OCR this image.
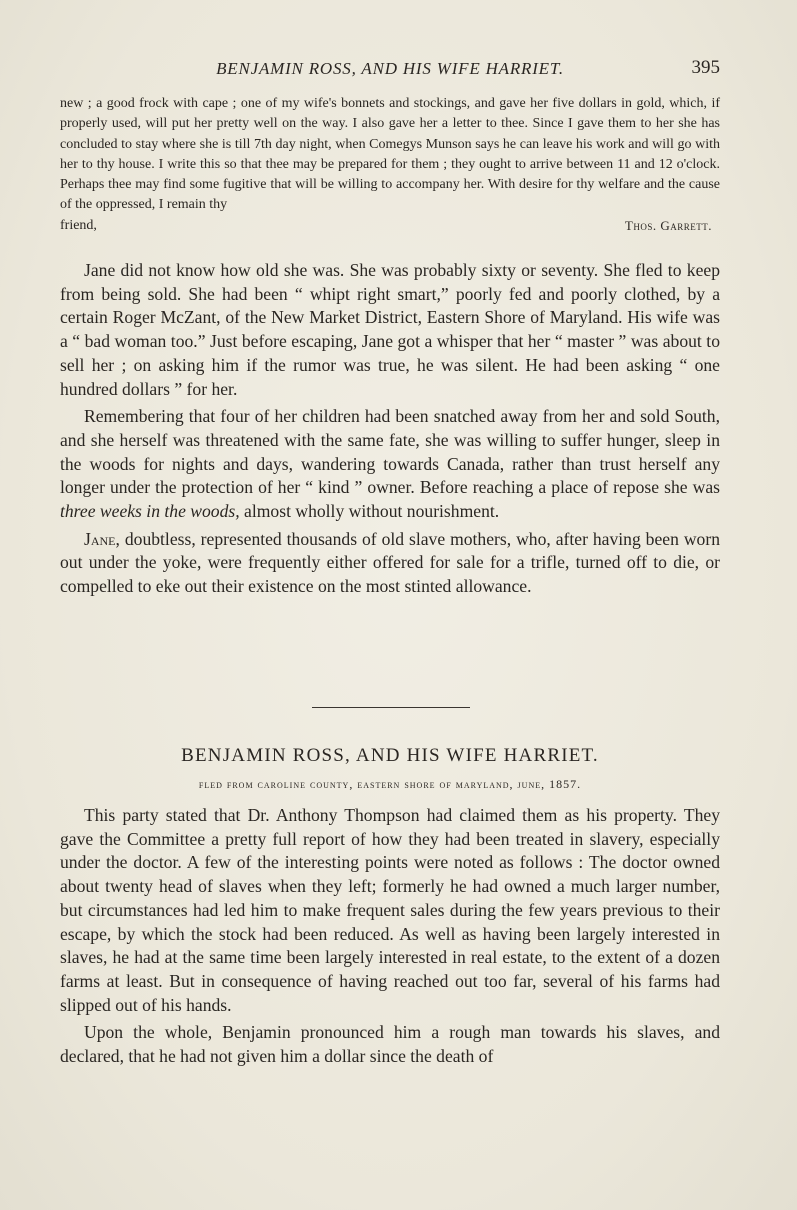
BENJAMIN ROSS, AND HIS WIFE HARRIET.	395

new ; a good frock with cape ; one of my wife's bonnets and stockings, and gave her five dollars in gold, which, if properly used, will put her pretty well on the way. I also gave her a letter to thee. Since I gave them to her she has concluded to stay where she is till 7th day night, when Comegys Munson says he can leave his work and will go with her to thy house. I write this so that thee may be prepared for them ; they ought to arrive between 11 and 12 o'clock. Perhaps thee may find some fugitive that will be willing to accompany her. With desire for thy welfare and the cause of the oppressed, I remain thy

friend,	Thos. Garrett.

Jane did not know how old she was. She was probably sixty or seventy. She fled to keep from being sold. She had been “ whipt right smart,” poorly fed and poorly clothed, by a certain Roger McZant, of the New Market District, Eastern Shore of Maryland. His wife was a “ bad woman too.” Just before escaping, Jane got a whisper that her “ master ” was about to sell her ; on asking him if the rumor was true, he was silent. He had been asking “ one hundred dollars ” for her.

Remembering that four of her children had been snatched away from her and sold South, and she herself was threatened with the same fate, she was willing to suffer hunger, sleep in the woods for nights and days, wandering towards Canada, rather than trust herself any longer under the protection of her “ kind ” owner. Before reaching a place of repose she was three weeks in the woods, almost wholly without nourishment.

Jane, doubtless, represented thousands of old slave mothers, who, after having been worn out under the yoke, were frequently either offered for sale for a trifle, turned off to die, or compelled to eke out their existence on the most stinted allowance.

BENJAMIN ROSS, AND HIS WIFE HARRIET.
fled from caroline county, eastern shore of maryland, june, 1857.

This party stated that Dr. Anthony Thompson had claimed them as his property. They gave the Committee a pretty full report of how they had been treated in slavery, especially under the doctor. A few of the interesting points were noted as follows : The doctor owned about twenty head of slaves when they left; formerly he had owned a much larger number, but circumstances had led him to make frequent sales during the few years previous to their escape, by which the stock had been reduced. As well as having been largely interested in slaves, he had at the same time been largely interested in real estate, to the extent of a dozen farms at least. But in consequence of having reached out too far, several of his farms had slipped out of his hands.

Upon the whole, Benjamin pronounced him a rough man towards his slaves, and declared, that he had not given him a dollar since the death of
